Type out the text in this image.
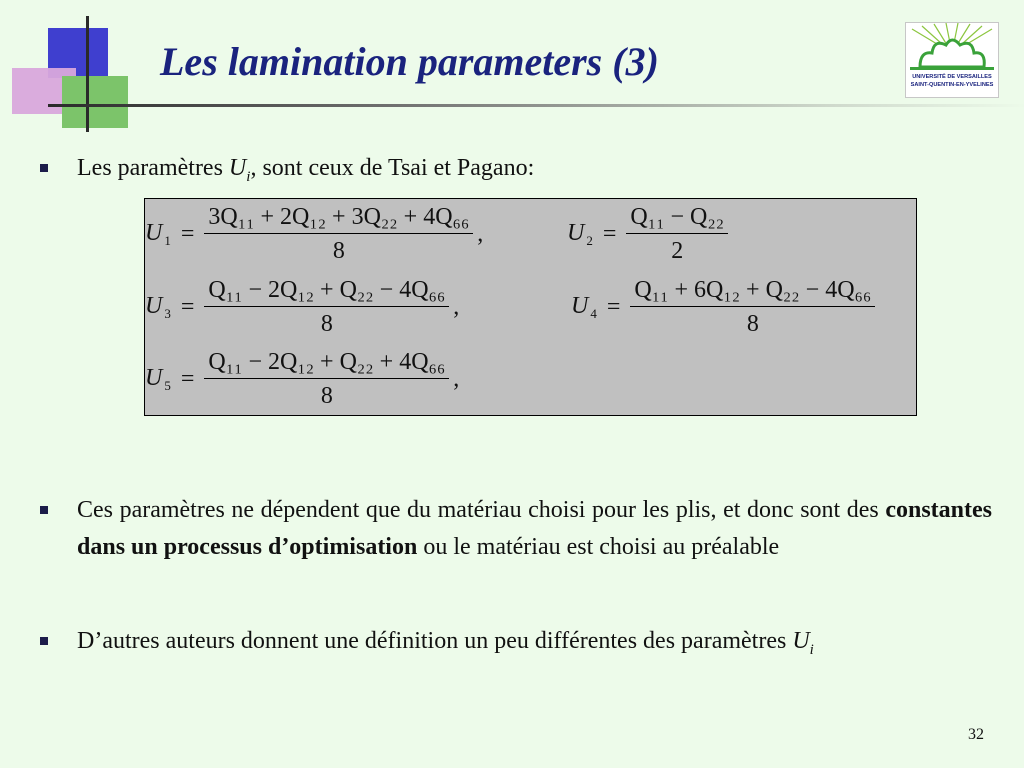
Les lamination parameters (3)	UNIVERSITÉ DE VERSAILLES
SAINT-QUENTIN-EN-YVELINES
Les paramètres $U_i$, sont ceux de Tsai et Pagano:
U $_1 = \frac{\text{3Q₁₁ + 2Q₁₂ + 3Q₂₂ + 4Q₆₆}}{8}$ ,	U $_2 = \frac{\text{Q₁₁ − Q₂₂}}{2}$
U $_3 = \frac{\text{Q₁₁ − 2Q₁₂ + Q₂₂ − 4Q₆₆}}{8}$ ,	U $_4 = \frac{\text{Q₁₁ + 6Q₁₂ + Q₂₂ − 4Q₆₆}}{8}$
U $_5 = \frac{\text{Q₁₁ − 2Q₁₂ + Q₂₂ + 4Q₆₆}}{8}$ ,
Ces paramètres ne dépendent que du matériau choisi pour les plis, et donc sont des constantes dans un processus d’optimisation ou le matériau est choisi au préalable
D’autres auteurs donnent une définition un peu différentes des paramètres $U_i$
32
